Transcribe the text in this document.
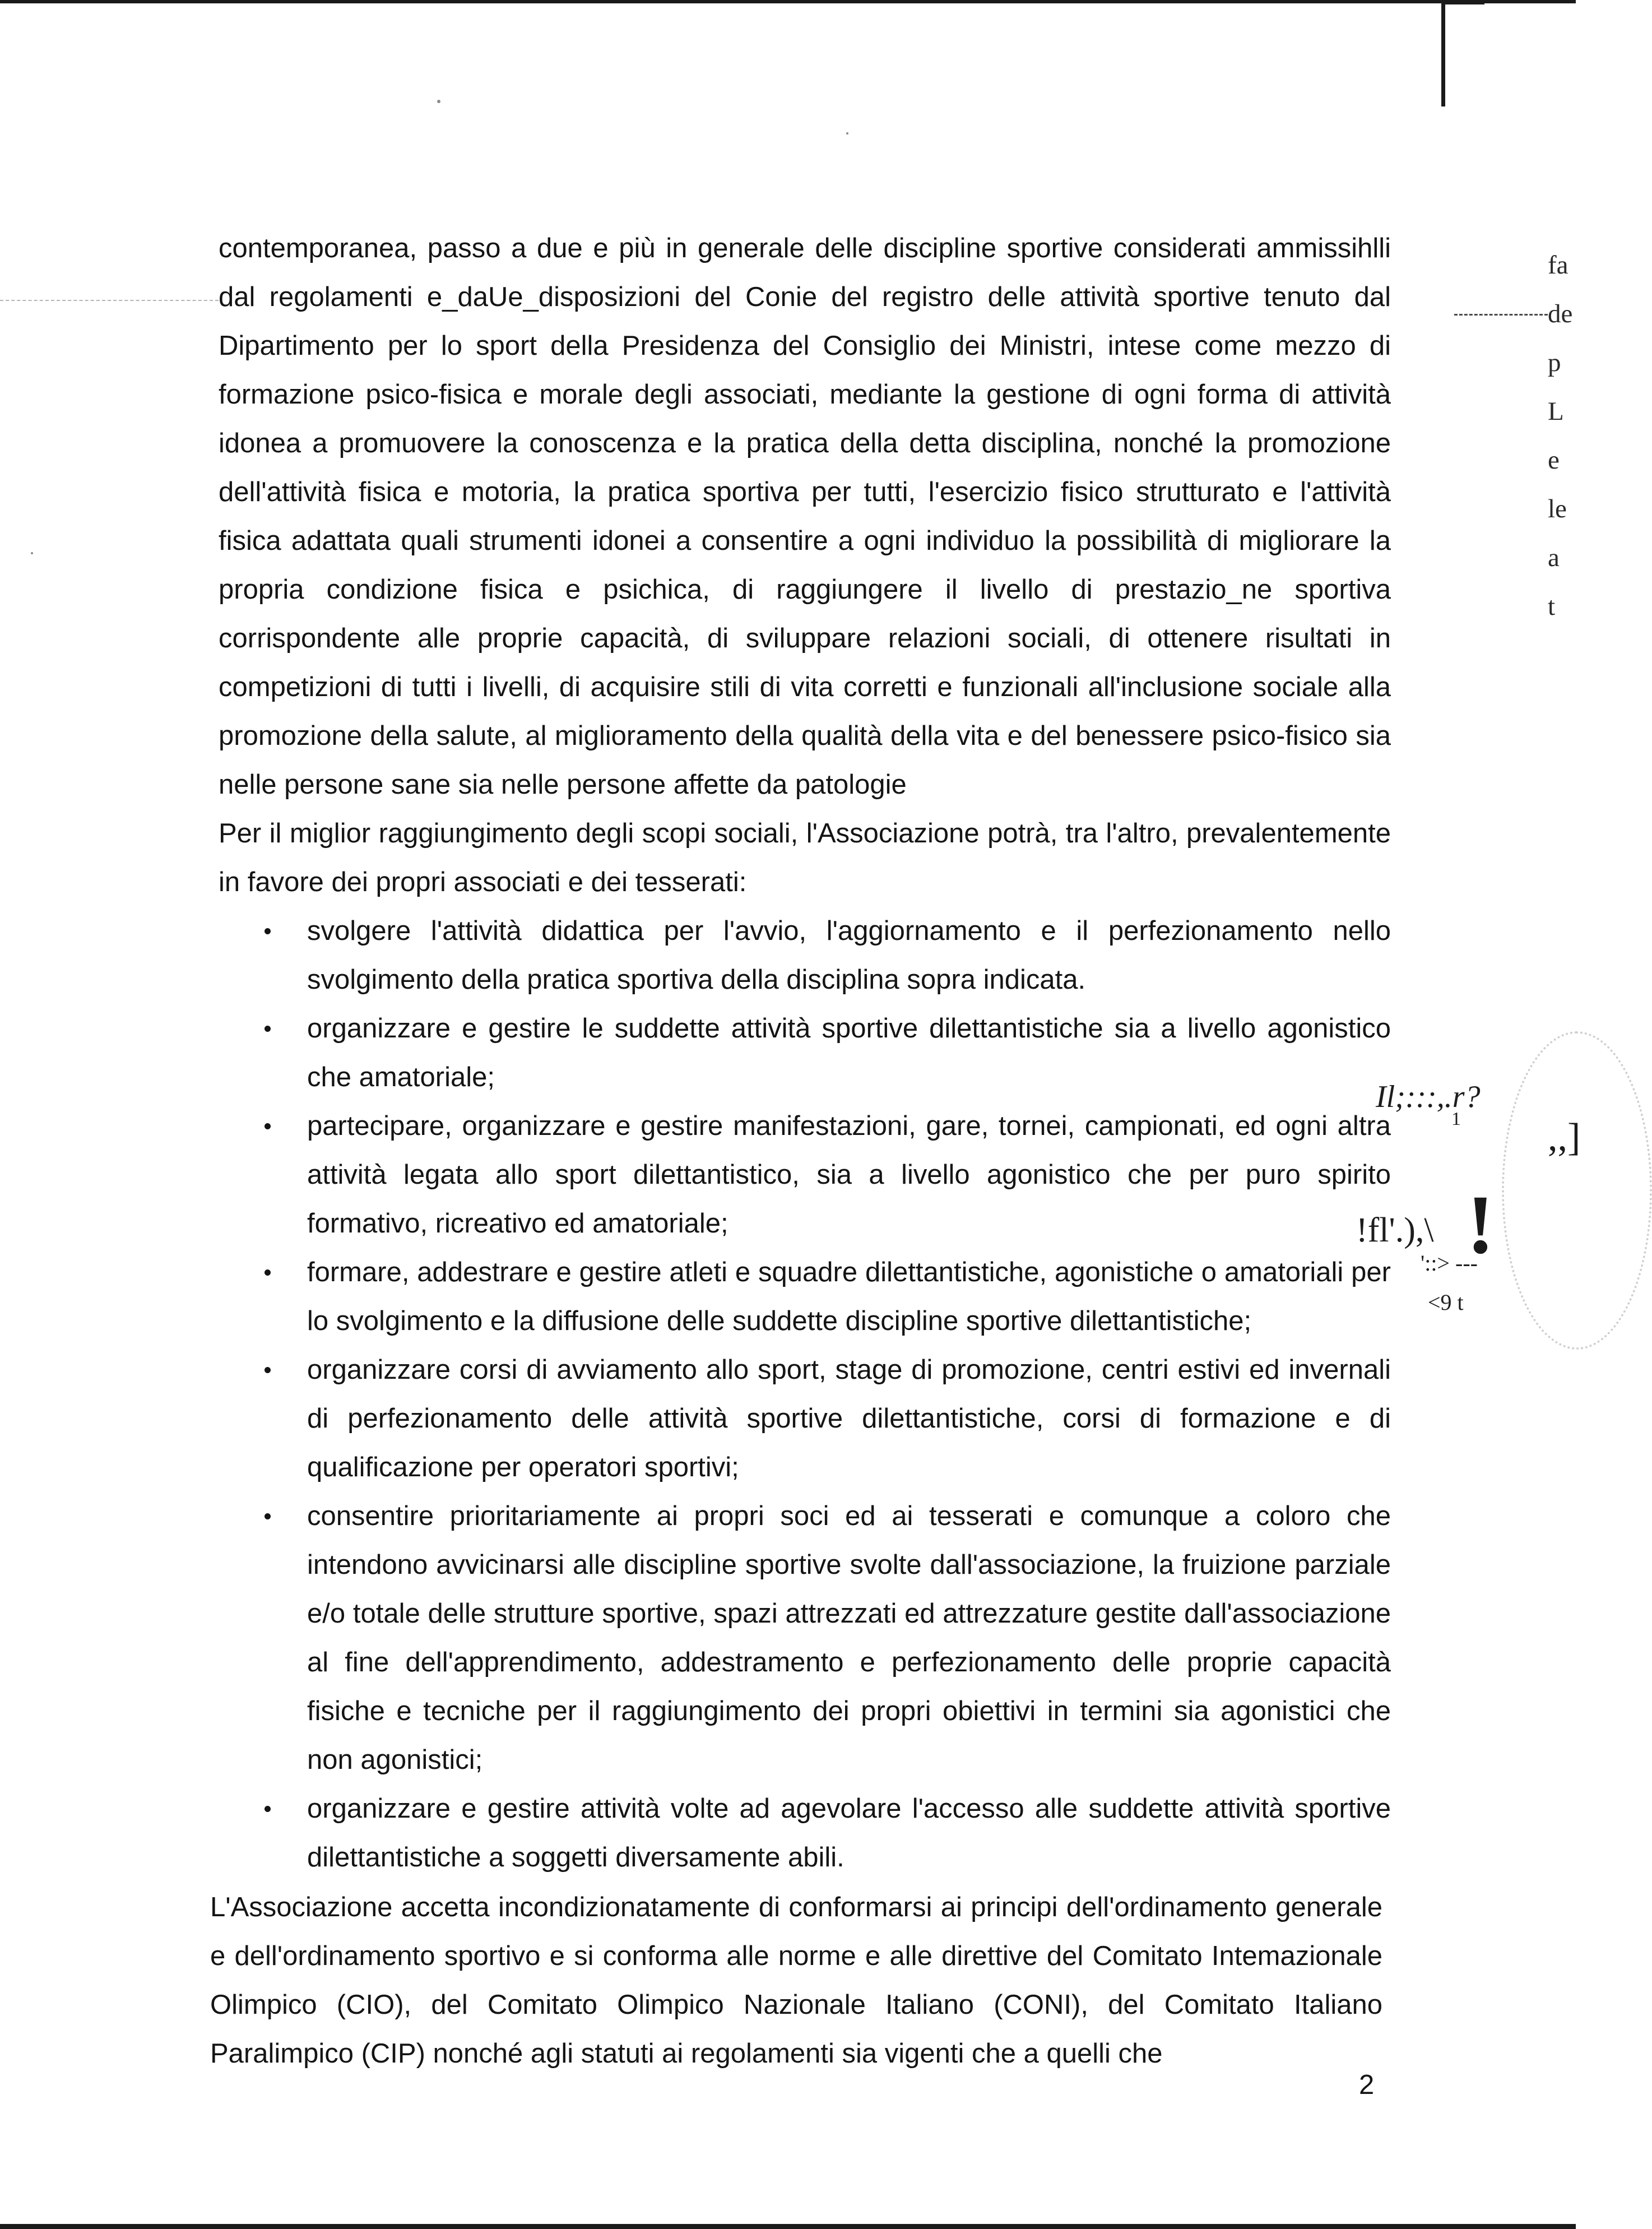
contemporanea, passo a due e più in generale delle discipline sportive considerati ammissihlli dal regolamenti e_daUe_disposizioni del Conie del registro delle attività sportive tenuto dal Dipartimento per lo sport della Presidenza del Consiglio dei Ministri, intese come mezzo di formazione psico-fisica e morale degli associati, mediante la gestione di ogni forma di attività idonea a promuovere la conoscenza e la pratica della detta disciplina, nonché la promozione dell'attività fisica e motoria, la pratica sportiva per tutti, l'esercizio fisico strutturato e l'attività fisica adattata quali strumenti idonei a consentire a ogni individuo la possibilità di migliorare la propria condizione fisica e psichica, di raggiungere il livello di prestazio_ne sportiva corrispondente alle proprie capacità, di sviluppare relazioni sociali, di ottenere risultati in competizioni di tutti i livelli, di acquisire stili di vita corretti e funzionali all'inclusione sociale alla promozione della salute, al miglioramento della qualità della vita e del benessere psico-fisico sia nelle persone sane sia nelle persone affette da patologie

Per il miglior raggiungimento degli scopi sociali, l'Associazione potrà, tra l'altro, prevalentemente in favore dei propri associati e dei tesserati:

svolgere l'attività didattica per l'avvio, l'aggiornamento e il perfezionamento nello svolgimento della pratica sportiva della disciplina sopra indicata.
organizzare e gestire le suddette attività sportive dilettantistiche sia a livello agonistico che amatoriale;
partecipare, organizzare e gestire manifestazioni, gare, tornei, campionati, ed ogni altra attività legata allo sport dilettantistico, sia a livello agonistico che per puro spirito formativo, ricreativo ed amatoriale;
formare, addestrare e gestire atleti e squadre dilettantistiche, agonistiche o amatoriali per lo svolgimento e la diffusione delle suddette discipline sportive dilettantistiche;
organizzare corsi di avviamento allo sport, stage di promozione, centri estivi ed invernali di perfezionamento delle attività sportive dilettantistiche, corsi di formazione e di qualificazione per operatori sportivi;
consentire prioritariamente ai propri soci ed ai tesserati e comunque a coloro che intendono avvicinarsi alle discipline sportive svolte dall'associazione, la fruizione parziale e/o totale delle strutture sportive, spazi attrezzati ed attrezzature gestite dall'associazione al fine dell'apprendimento, addestramento e perfezionamento delle proprie capacità fisiche e tecniche per il raggiungimento dei propri obiettivi in termini sia agonistici che non agonistici;
organizzare e gestire attività volte ad agevolare l'accesso alle suddette attività sportive dilettantistiche a soggetti diversamente abili.
L'Associazione accetta incondizionatamente di conformarsi ai principi dell'ordinamento generale e dell'ordinamento sportivo e si conforma alle norme e alle direttive del Comitato Intemazionale Olimpico (CIO), del Comitato Olimpico Nazionale Italiano (CONI), del Comitato Italiano Paralimpico (CIP) nonché agli statuti ai regolamenti sia vigenti che a quelli che
2
fa
de
p
L
e
le
a
t
Il;:::,.r?
1
!fl'.),\
'::> ---
<9 t
!
,,]
